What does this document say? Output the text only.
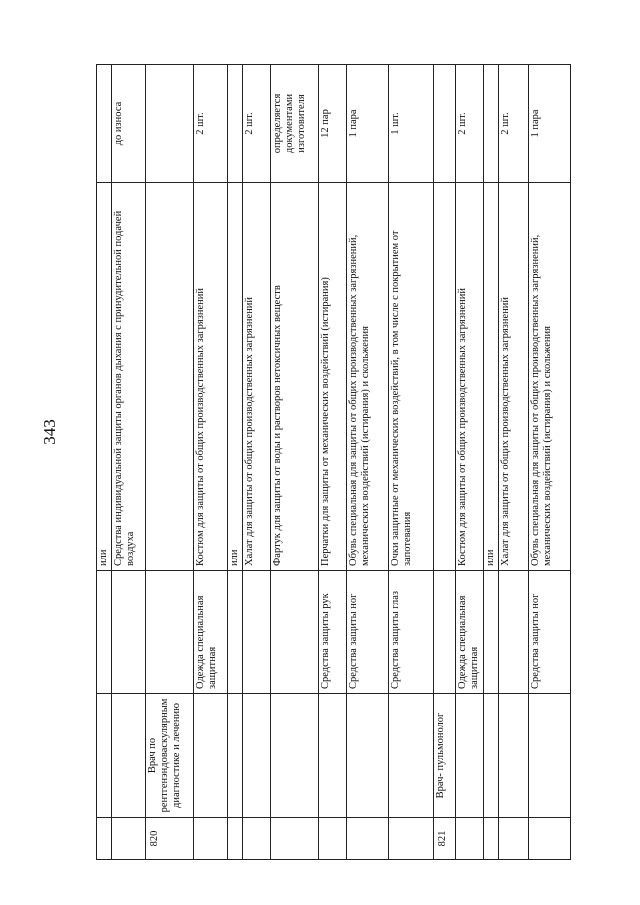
343
			или	
			Средства индивидуальной защиты органов дыхания с принудительной подачей воздуха	до износа
820	Врач по рентгенэндоваскулярным диагностике и лечению			
		Одежда специальная защитная	Костюм для защиты от общих производственных загрязнений	2 шт.
			или	
			Халат для защиты от общих производственных загрязнений	2 шт.
			Фартук для защиты от воды и растворов нетоксичных веществ	определяется документами изготовителя
		Средства защиты рук	Перчатки для защиты от механических воздействий (истирания)	12 пар
		Средства защиты ног	Обувь специальная для защиты от общих производственных загрязнений, механических воздействий (истирания) и скольжения	1 пара
		Средства защиты глаз	Очки защитные от механических воздействий, в том числе с покрытием от запотевания	1 шт.
821	Врач- пульмонолог			
		Одежда специальная защитная	Костюм для защиты от общих производственных загрязнений	2 шт.
			или	
			Халат для защиты от общих производственных загрязнений	2 шт.
		Средства защиты ног	Обувь специальная для защиты от общих производственных загрязнений, механических воздействий (истирания) и скольжения	1 пара
